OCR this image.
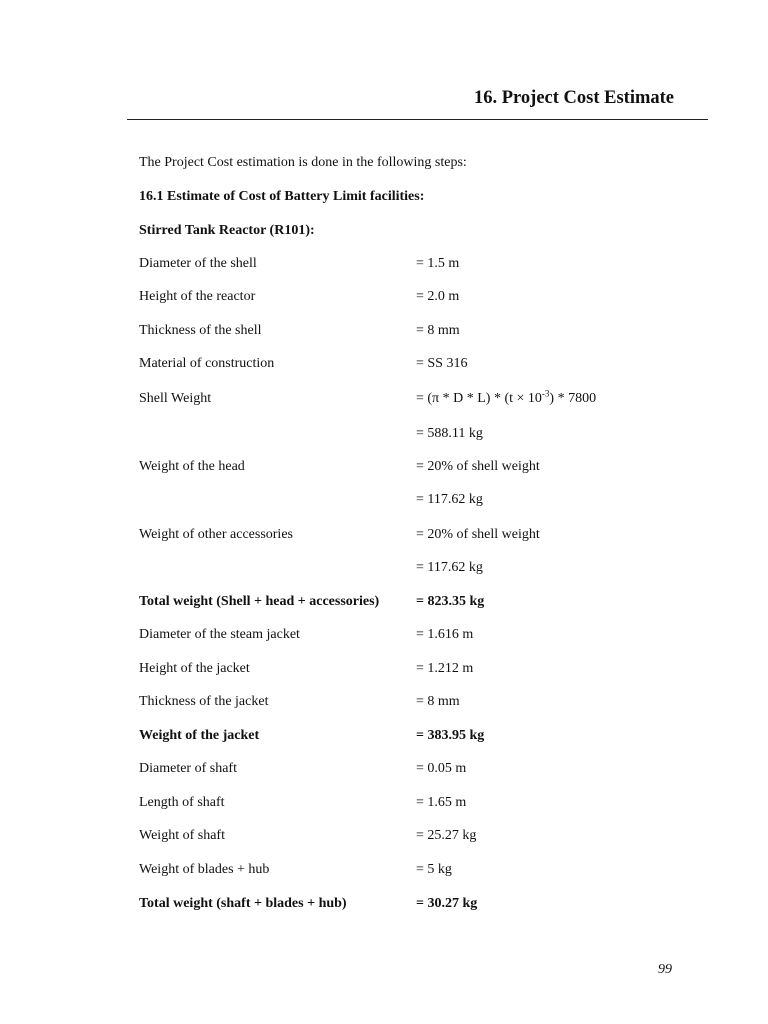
16. Project Cost Estimate
The Project Cost estimation is done in the following steps:
16.1 Estimate of Cost of Battery Limit facilities:
Stirred Tank Reactor (R101):
Diameter of the shell	= 1.5 m
Height of the reactor	= 2.0 m
Thickness of the shell	= 8 mm
Material of construction	= SS 316
Shell Weight	= $(\pi * D * L) * (t \times 10^{-3}) * 7800$
= 588.11 kg
Weight of the head	= 20% of shell weight
= 117.62 kg
Weight of other accessories	= 20% of shell weight
= 117.62 kg
Total weight (Shell + head + accessories)	= 823.35 kg
Diameter of the steam jacket	= 1.616 m
Height of the jacket	= 1.212 m
Thickness of the jacket	= 8 mm
Weight of the jacket	= 383.95 kg
Diameter of shaft	= 0.05 m
Length of shaft	= 1.65 m
Weight of shaft	= 25.27 kg
Weight of blades + hub	= 5 kg
Total weight (shaft + blades + hub)	= 30.27 kg
99
